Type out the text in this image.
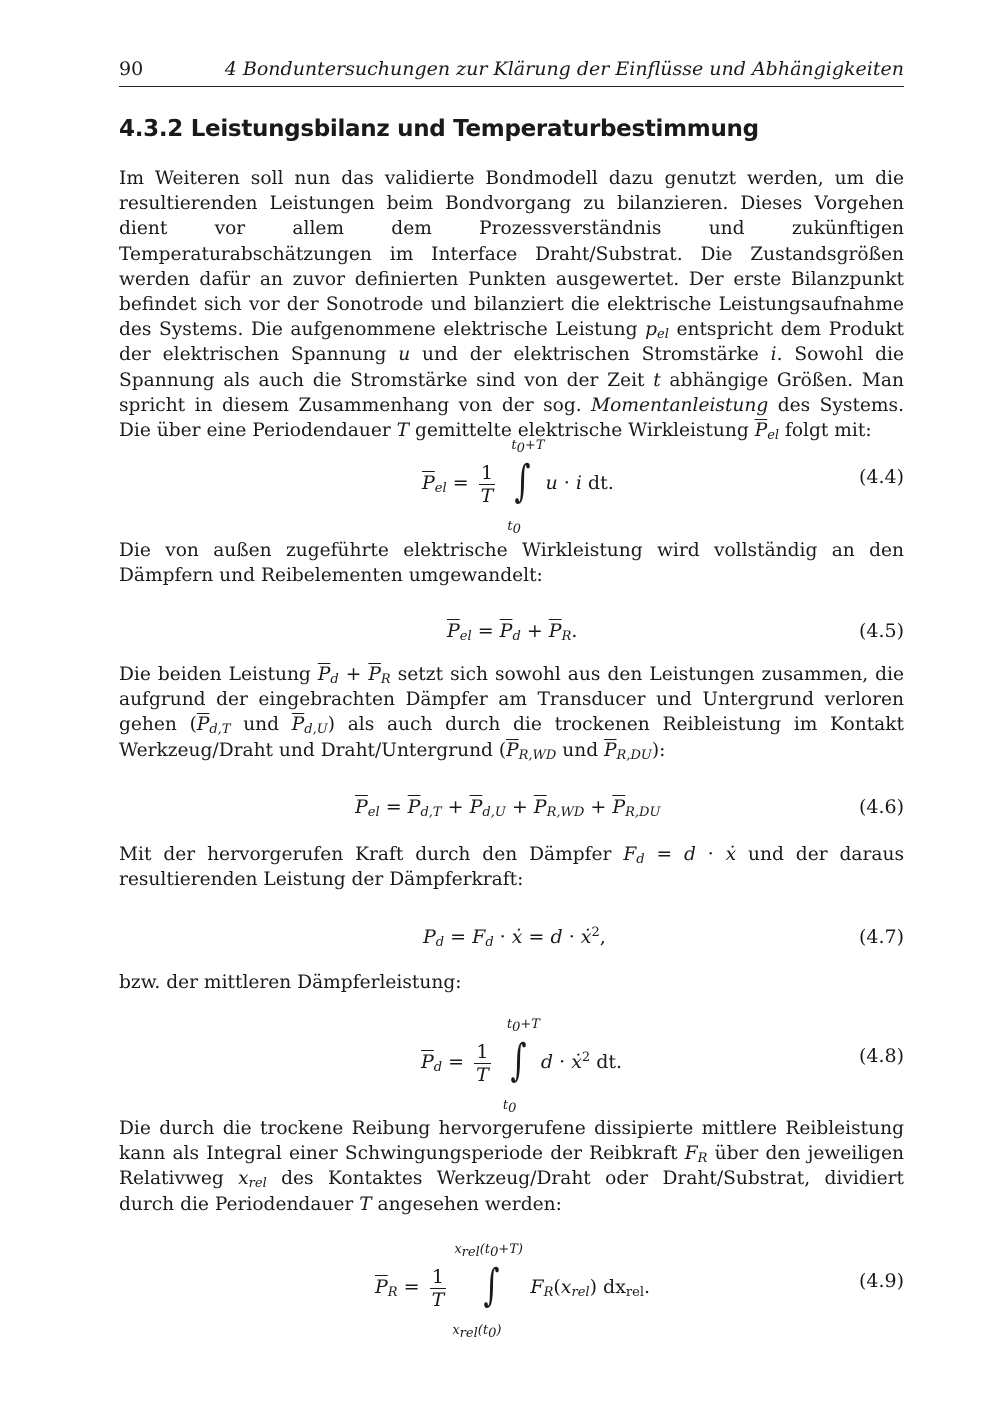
90	4 Bonduntersuchungen zur Klärung der Einflüsse und Abhängigkeiten
4.3.2 Leistungsbilanz und Temperaturbestimmung

Im Weiteren soll nun das validierte Bondmodell dazu genutzt werden, um die resultierenden Leistungen beim Bondvorgang zu bilanzieren. Dieses Vorgehen dient vor allem dem Prozessverständnis und zukünftigen Temperaturabschätzungen im Interface Draht/Substrat. Die Zustandsgrößen werden dafür an zuvor definierten Punkten ausgewertet. Der erste Bilanzpunkt befindet sich vor der Sonotrode und bilanziert die elektrische Leistungsaufnahme des Systems. Die aufgenommene elektrische Leistung $p_{el}$ entspricht dem Produkt der elektrischen Spannung u und der elektrischen Stromstärke i. Sowohl die Spannung als auch die Stromstärke sind von der Zeit t abhängige Größen. Man spricht in diesem Zusammenhang von der sog. Momentanleistung des Systems. Die über eine Periodendauer T gemittelte elektrische Wirkleistung $\overline{P}_{el}$ folgt mit:

$\overline{P}_{el} = \frac{1}{T}$

$t_0+T$
∫
$t_0$
u · i dt.	(4.4)

Die von außen zugeführte elektrische Wirkleistung wird vollständig an den Dämpfern und Reibelementen umgewandelt:

$\overline{P}_{el} = \overline{P}_d + \overline{P}_R$.	(4.5)

Die beiden Leistung $\overline{P}_d + \overline{P}_R$ setzt sich sowohl aus den Leistungen zusammen, die aufgrund der eingebrachten Dämpfer am Transducer und Untergrund verloren gehen ($\overline{P}_{d,T}$ und $\overline{P}_{d,U}$) als auch durch die trockenen Reibleistung im Kontakt Werkzeug/Draht und Draht/Untergrund ($\overline{P}_{R,WD}$ und $\overline{P}_{R,DU}$):

$\overline{P}_{el} = \overline{P}_{d,T} + \overline{P}_{d,U} + \overline{P}_{R,WD} + \overline{P}_{R,DU}$	(4.6)

Mit der hervorgerufen Kraft durch den Dämpfer $F_d = d$ · ẋ und der daraus resultierenden Leistung der Dämpferkraft:

$P_d = F_d$ · ẋ = d · ẋ$^2$,	(4.7)

bzw. der mittleren Dämpferleistung:

$\overline{P}_d = \frac{1}{T}$

$t_0+T$
∫
$t_0$
d · ẋ$^2$ dt.	(4.8)

Die durch die trockene Reibung hervorgerufene dissipierte mittlere Reibleistung kann als Integral einer Schwingungsperiode der Reibkraft $F_R$ über den jeweiligen Relativweg $x_{rel}$ des Kontaktes Werkzeug/Draht oder Draht/Substrat, dividiert durch die Periodendauer T angesehen werden:

$\overline{P}_R = \frac{1}{T}$

$x_{rel}(t_0+T)$
∫
$x_{rel}(t_0)$
$F_R(x_{rel})$ $dx_{rel}$.	(4.9)
